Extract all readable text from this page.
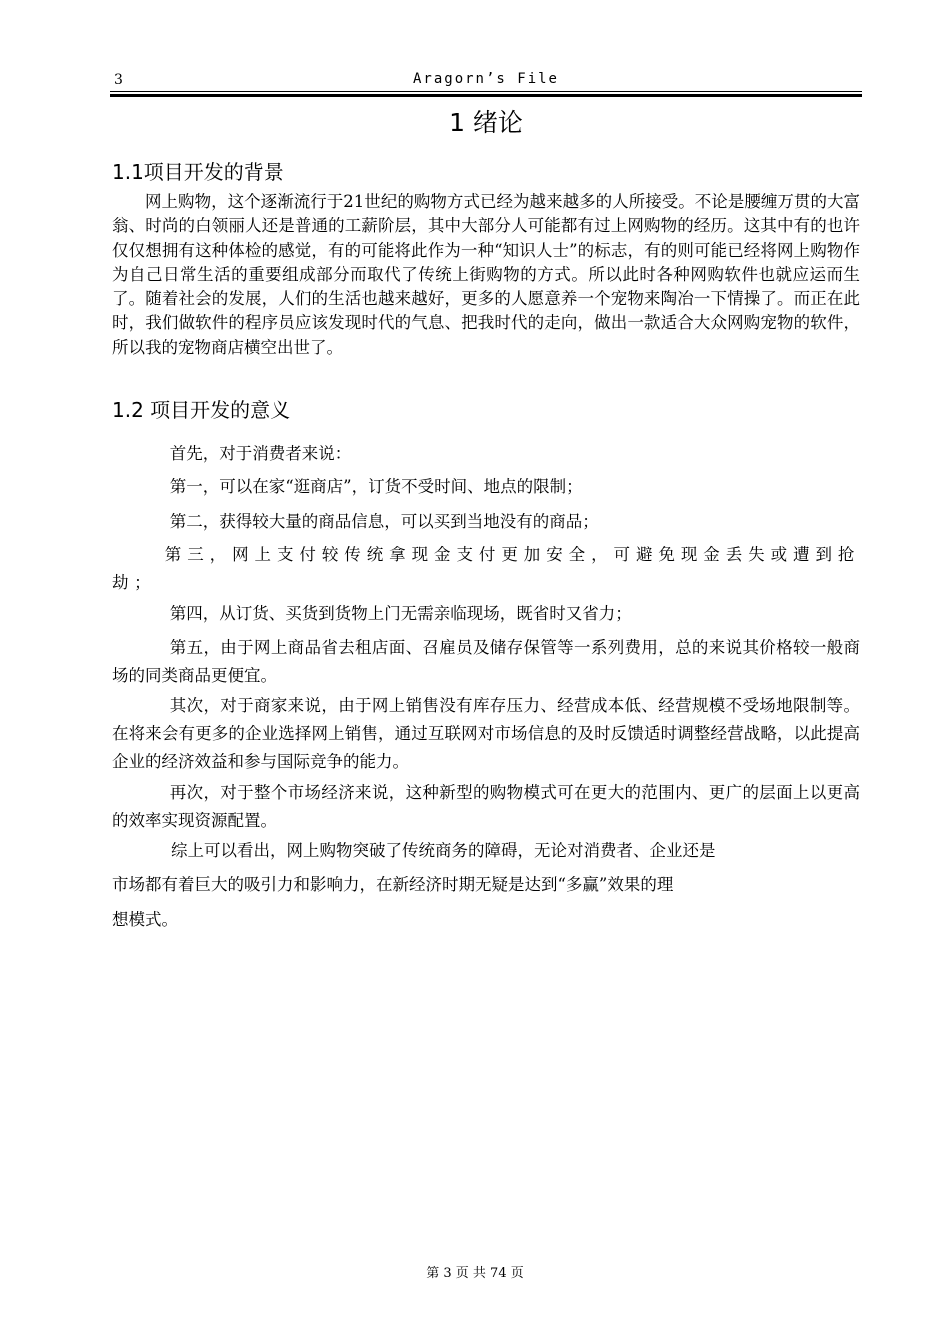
3	Aragorn’s File
1 绪论
1.1项目开发的背景

网上购物，这个逐渐流行于21世纪的购物方式已经为越来越多的人所接受。不论是腰缠万贯的大富翁、时尚的白领丽人还是普通的工薪阶层，其中大部分人可能都有过上网购物的经历。这其中有的也许仅仅想拥有这种体检的感觉，有的可能将此作为一种“知识人士”的标志，有的则可能已经将网上购物作为自己日常生活的重要组成部分而取代了传统上街购物的方式。所以此时各种网购软件也就应运而生了。随着社会的发展，人们的生活也越来越好，更多的人愿意养一个宠物来陶冶一下情操了。而正在此时，我们做软件的程序员应该发现时代的气息、把我时代的走向，做出一款适合大众网购宠物的软件，所以我的宠物商店横空出世了。

1.2 项目开发的意义

首先，对于消费者来说：

第一，可以在家“逛商店”，订货不受时间、地点的限制；

第二，获得较大量的商品信息，可以买到当地没有的商品；

第三，网上支付较传统拿现金支付更加安全，可避免现金丢失或遭到抢劫；

第四，从订货、买货到货物上门无需亲临现场，既省时又省力；

第五，由于网上商品省去租店面、召雇员及储存保管等一系列费用，总的来说其价格较一般商场的同类商品更便宜。

其次，对于商家来说，由于网上销售没有库存压力、经营成本低、经营规模不受场地限制等。在将来会有更多的企业选择网上销售，通过互联网对市场信息的及时反馈适时调整经营战略，以此提高企业的经济效益和参与国际竞争的能力。

再次，对于整个市场经济来说，这种新型的购物模式可在更大的范围内、更广的层面上以更高的效率实现资源配置。

综上可以看出，网上购物突破了传统商务的障碍，无论对消费者、企业还是
市场都有着巨大的吸引力和影响力，在新经济时期无疑是达到“多赢”效果的理
想模式。
第 3 页 共 74 页
